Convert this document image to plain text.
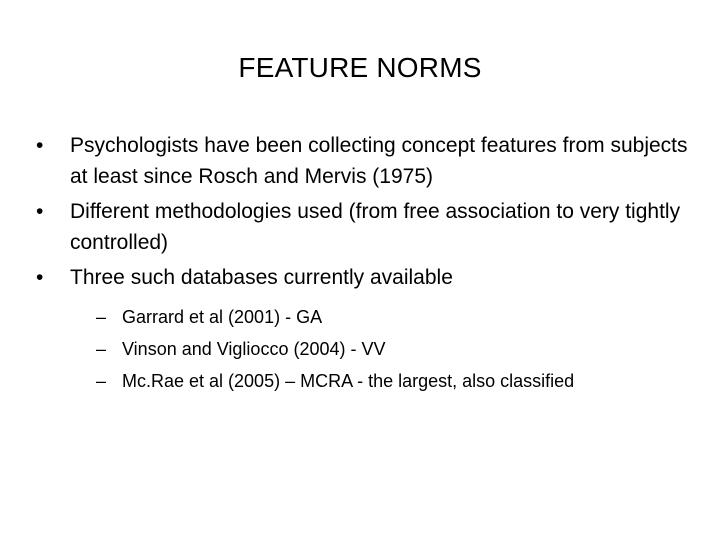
FEATURE NORMS
•	Psychologists have been collecting concept features from subjects at least since Rosch and Mervis (1975)
•	Different methodologies used (from free association to very tightly controlled)
•	Three such databases currently available
– Garrard et al (2001) - GA
– Vinson and Vigliocco (2004) - VV
– Mc.Rae et al (2005) – MCRA - the largest, also classified
